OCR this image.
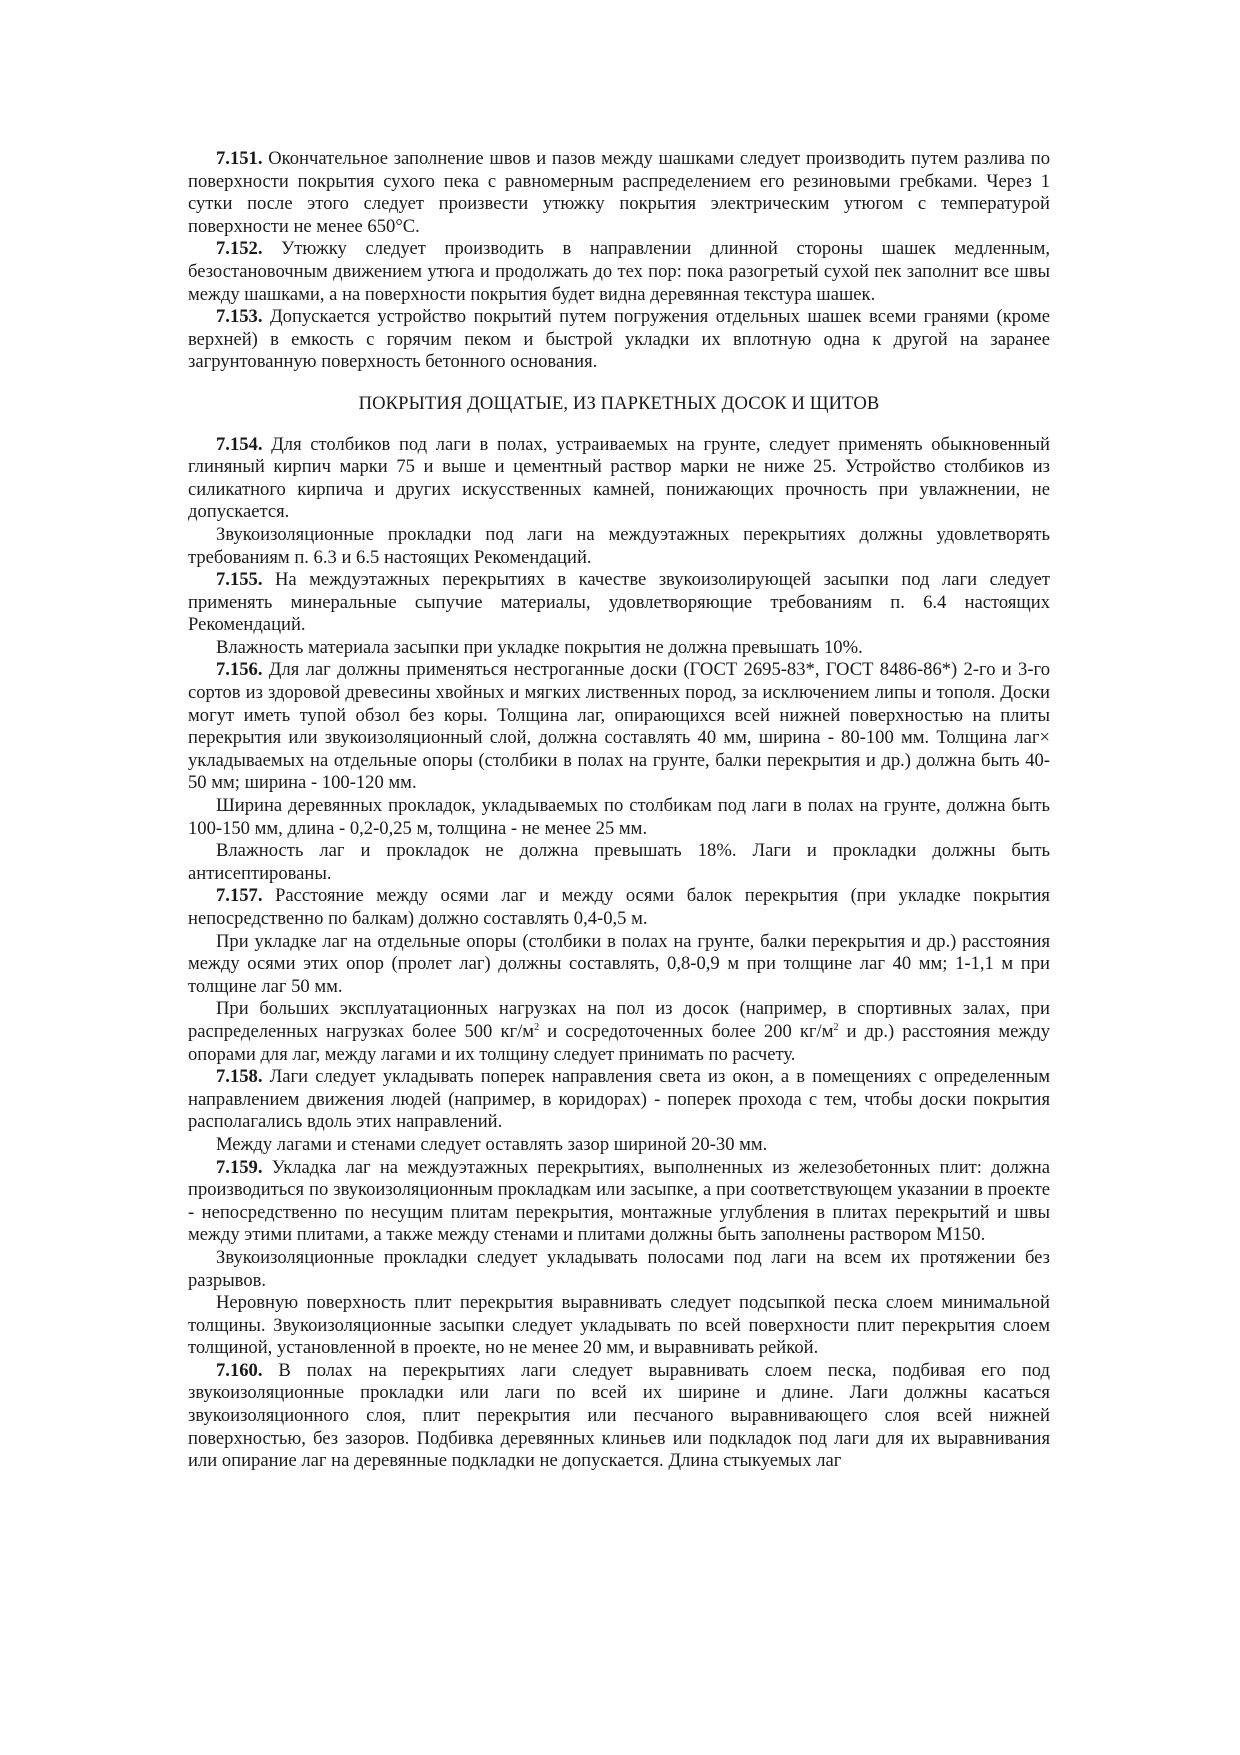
7.151. Окончательное заполнение швов и пазов между шашками следует производить путем разлива по поверхности покрытия сухого пека с равномерным распределением его резиновыми гребками. Через 1 сутки после этого следует произвести утюжку покрытия электрическим утюгом с температурой поверхности не менее 650°С.

7.152. Утюжку следует производить в направлении длинной стороны шашек медленным, безостановочным движением утюга и продолжать до тех пор: пока разогретый сухой пек заполнит все швы между шашками, а на поверхности покрытия будет видна деревянная текстура шашек.

7.153. Допускается устройство покрытий путем погружения отдельных шашек всеми гранями (кроме верхней) в емкость с горячим пеком и быстрой укладки их вплотную одна к другой на заранее загрунтованную поверхность бетонного основания.

ПОКРЫТИЯ ДОЩАТЫЕ, ИЗ ПАРКЕТНЫХ ДОСОК И ЩИТОВ

7.154. Для столбиков под лаги в полах, устраиваемых на грунте, следует применять обыкновенный глиняный кирпич марки 75 и выше и цементный раствор марки не ниже 25. Устройство столбиков из силикатного кирпича и других искусственных камней, понижающих прочность при увлажнении, не допускается.

Звукоизоляционные прокладки под лаги на междуэтажных перекрытиях должны удовлетворять требованиям п. 6.3 и 6.5 настоящих Рекомендаций.

7.155. На междуэтажных перекрытиях в качестве звукоизолирующей засыпки под лаги следует применять минеральные сыпучие материалы, удовлетворяющие требованиям п. 6.4 настоящих Рекомендаций.

Влажность материала засыпки при укладке покрытия не должна превышать 10%.

7.156. Для лаг должны применяться нестроганные доски (ГОСТ 2695-83*, ГОСТ 8486-86*) 2-го и 3-го сортов из здоровой древесины хвойных и мягких лиственных пород, за исключением липы и тополя. Доски могут иметь тупой обзол без коры. Толщина лаг, опирающихся всей нижней поверхностью на плиты перекрытия или звукоизоляционный слой, должна составлять 40 мм, ширина - 80-100 мм. Толщина лаг× укладываемых на отдельные опоры (столбики в полах на грунте, балки перекрытия и др.) должна быть 40-50 мм; ширина - 100-120 мм.

Ширина деревянных прокладок, укладываемых по столбикам под лаги в полах на грунте, должна быть 100-150 мм, длина - 0,2-0,25 м, толщина - не менее 25 мм.

Влажность лаг и прокладок не должна превышать 18%. Лаги и прокладки должны быть антисептированы.

7.157. Расстояние между осями лаг и между осями балок перекрытия (при укладке покрытия непосредственно по балкам) должно составлять 0,4-0,5 м.

При укладке лаг на отдельные опоры (столбики в полах на грунте, балки перекрытия и др.) расстояния между осями этих опор (пролет лаг) должны составлять, 0,8-0,9 м при толщине лаг 40 мм; 1-1,1 м при толщине лаг 50 мм.

При больших эксплуатационных нагрузках на пол из досок (например, в спортивных залах, при распределенных нагрузках более 500 $кг/м^2$ и сосредоточенных более 200 $кг/м^2$ и др.) расстояния между опорами для лаг, между лагами и их толщину следует принимать по расчету.

7.158. Лаги следует укладывать поперек направления света из окон, а в помещениях с определенным направлением движения людей (например, в коридорах) - поперек прохода с тем, чтобы доски покрытия располагались вдоль этих направлений.

Между лагами и стенами следует оставлять зазор шириной 20-30 мм.

7.159. Укладка лаг на междуэтажных перекрытиях, выполненных из железобетонных плит: должна производиться по звукоизоляционным прокладкам или засыпке, а при соответствующем указании в проекте - непосредственно по несущим плитам перекрытия, монтажные углубления в плитах перекрытий и швы между этими плитами, а также между стенами и плитами должны быть заполнены раствором М150.

Звукоизоляционные прокладки следует укладывать полосами под лаги на всем их протяжении без разрывов.

Неровную поверхность плит перекрытия выравнивать следует подсыпкой песка слоем минимальной толщины. Звукоизоляционные засыпки следует укладывать по всей поверхности плит перекрытия слоем толщиной, установленной в проекте, но не менее 20 мм, и выравнивать рейкой.

7.160. В полах на перекрытиях лаги следует выравнивать слоем песка, подбивая его под звукоизоляционные прокладки или лаги по всей их ширине и длине. Лаги должны касаться звукоизоляционного слоя, плит перекрытия или песчаного выравнивающего слоя всей нижней поверхностью, без зазоров. Подбивка деревянных клиньев или подкладок под лаги для их выравнивания или опирание лаг на деревянные подкладки не допускается. Длина стыкуемых лаг
